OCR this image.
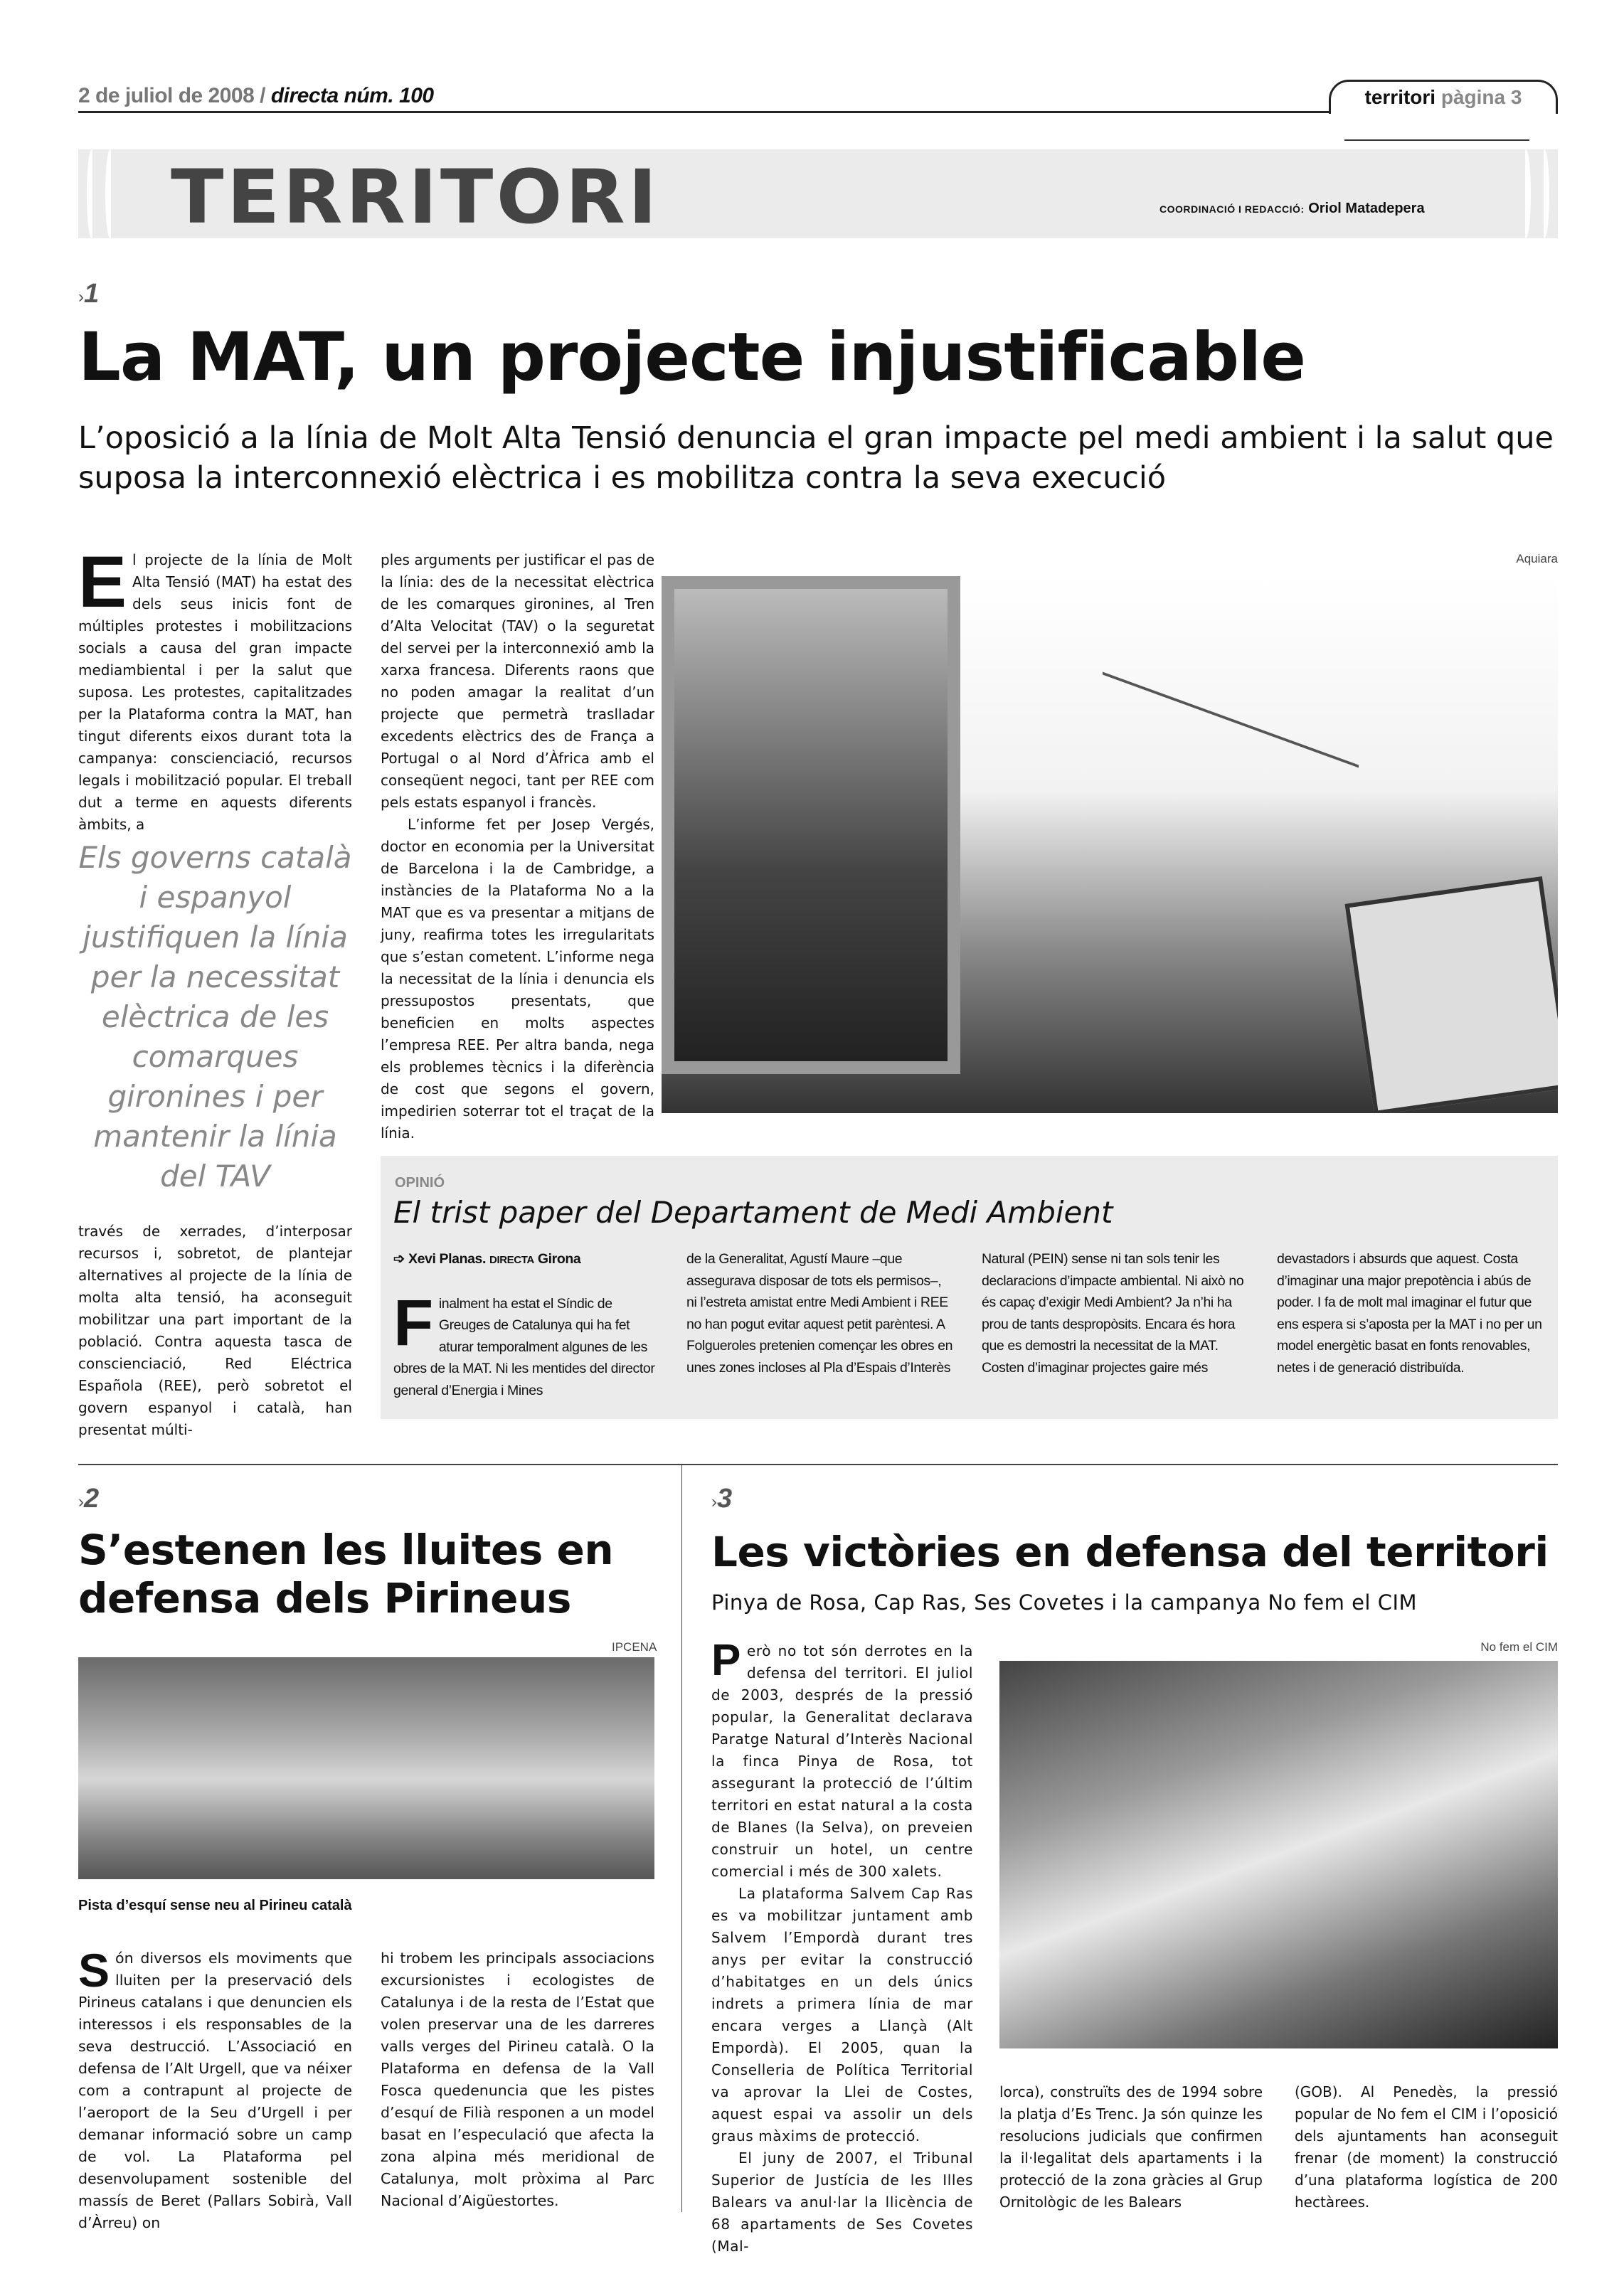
2 de juliol de 2008 / directa núm. 100	territori pàgina 3
TERRITORI	COORDINACIÓ I REDACCIÓ: Oriol Matadepera
›1
La MAT, un projecte injustificable
L’oposició a la línia de Molt Alta Tensió denuncia el gran impacte pel medi ambient i la salut que suposa la interconnexió elèctrica i es mobilitza contra la seva execució

El projecte de la línia de Molt Alta Tensió (MAT) ha estat des dels seus inicis font de múltiples protestes i mobilitzacions socials a causa del gran impacte mediambiental i per la salut que suposa. Les protestes, capitalitzades per la Plataforma contra la MAT, han tingut diferents eixos durant tota la campanya: conscienciació, recursos legals i mobilització popular. El treball dut a terme en aquests diferents àmbits, a

Els governs català i espanyol justifiquen la línia per la necessitat elèctrica de les comarques gironines i per mantenir la línia del TAV

través de xerrades, d’interposar recursos i, sobretot, de plantejar alternatives al projecte de la línia de molta alta tensió, ha aconseguit mobilitzar una part important de la població. Contra aquesta tasca de conscienciació, Red Eléctrica Española (REE), però sobretot el govern espanyol i català, han presentat múlti-

ples arguments per justificar el pas de la línia: des de la necessitat elèctrica de les comarques gironines, al Tren d’Alta Velocitat (TAV) o la seguretat del servei per la interconnexió amb la xarxa francesa. Diferents raons que no poden amagar la realitat d’un projecte que permetrà traslladar excedents elèctrics des de França a Portugal o al Nord d’Àfrica amb el conseqüent negoci, tant per REE com pels estats espanyol i francès.

L’informe fet per Josep Vergés, doctor en economia per la Universitat de Barcelona i la de Cambridge, a instàncies de la Plataforma No a la MAT que es va presentar a mitjans de juny, reafirma totes les irregularitats que s’estan cometent. L’informe nega la necessitat de la línia i denuncia els pressupostos presentats, que beneficien en molts aspectes l’empresa REE. Per altra banda, nega els problemes tècnics i la diferència de cost que segons el govern, impedirien soterrar tot el traçat de la línia.

Aquiara
OPINIÓ
El trist paper del Departament de Medi Ambient
➩ Xevi Planas. DIRECTA Girona

Finalment ha estat el Síndic de Greuges de Catalunya qui ha fet aturar temporalment algunes de les obres de la MAT. Ni les mentides del director general d’Energia i Mines

de la Generalitat, Agustí Maure –que assegurava disposar de tots els permisos–, ni l’estreta amistat entre Medi Ambient i REE no han pogut evitar aquest petit parèntesi. A Folgueroles pretenien començar les obres en unes zones incloses al Pla d’Espais d’Interès
Natural (PEIN) sense ni tan sols tenir les declaracions d’impacte ambiental. Ni això no és capaç d’exigir Medi Ambient? Ja n’hi ha prou de tants despropòsits. Encara és hora que es demostri la necessitat de la MAT. Costen d’imaginar projectes gaire més
devastadors i absurds que aquest. Costa d’imaginar una major prepotència i abús de poder. I fa de molt mal imaginar el futur que ens espera si s’aposta per la MAT i no per un model energètic basat en fonts renovables, netes i de generació distribuïda.
›2
S’estenen les lluites en defensa dels Pirineus
IPCENA
Pista d’esquí sense neu al Pirineu català

Són diversos els moviments que lluiten per la preservació dels Pirineus catalans i que denuncien els interessos i els responsables de la seva destrucció. L’Associació en defensa de l’Alt Urgell, que va néixer com a contrapunt al projecte de l’aeroport de la Seu d’Urgell i per demanar informació sobre un camp de vol. La Plataforma pel desenvolupament sostenible del massís de Beret (Pallars Sobirà, Vall d’Àrreu) on

hi trobem les principals associacions excursionistes i ecologistes de Catalunya i de la resta de l’Estat que volen preservar una de les darreres valls verges del Pirineu català. O la Plataforma en defensa de la Vall Fosca quedenuncia que les pistes d’esquí de Filià responen a un model basat en l’especulació que afecta la zona alpina més meridional de Catalunya, molt pròxima al Parc Nacional d’Aigüestortes.

›3
Les victòries en defensa del territori
Pinya de Rosa, Cap Ras, Ses Covetes i la campanya No fem el CIM
No fem el CIM

Però no tot són derrotes en la defensa del territori. El juliol de 2003, després de la pressió popular, la Generalitat declarava Paratge Natural d’Interès Nacional la finca Pinya de Rosa, tot assegurant la protecció de l’últim territori en estat natural a la costa de Blanes (la Selva), on preveien construir un hotel, un centre comercial i més de 300 xalets.

La plataforma Salvem Cap Ras es va mobilitzar juntament amb Salvem l’Empordà durant tres anys per evitar la construcció d’habitatges en un dels únics indrets a primera línia de mar encara verges a Llançà (Alt Empordà). El 2005, quan la Conselleria de Política Territorial va aprovar la Llei de Costes, aquest espai va assolir un dels graus màxims de protecció.

El juny de 2007, el Tribunal Superior de Justícia de les Illes Balears va anul·lar la llicència de 68 apartaments de Ses Covetes (Mal-

lorca), construïts des de 1994 sobre la platja d’Es Trenc. Ja són quinze les resolucions judicials que confirmen la il·legalitat dels apartaments i la protecció de la zona gràcies al Grup Ornitològic de les Balears

(GOB). Al Penedès, la pressió popular de No fem el CIM i l’oposició dels ajuntaments han aconseguit frenar (de moment) la construcció d’una plataforma logística de 200 hectàrees.
